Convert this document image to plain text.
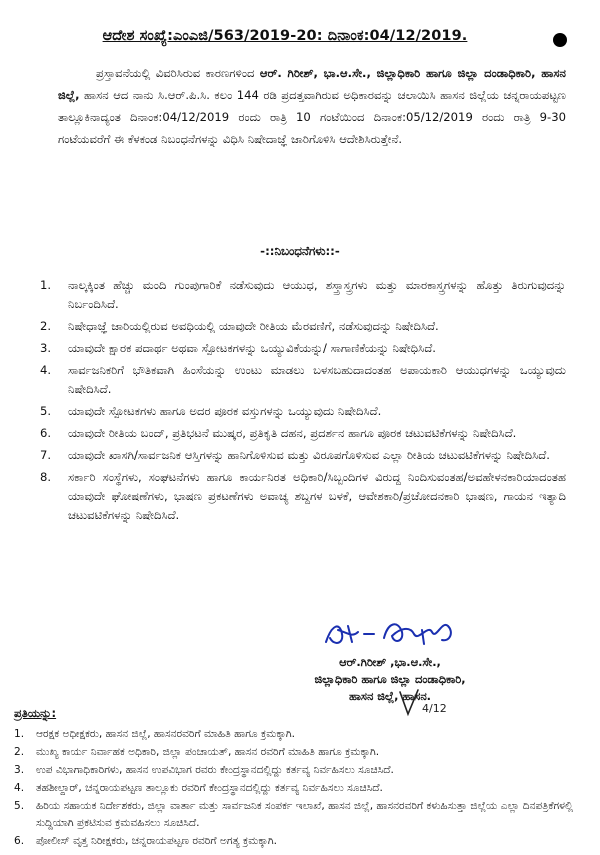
ಆದೇಶ ಸಂಖ್ಯೆ:ಎಂಎಜಿ/563/2019-20: ದಿನಾಂಕ:04/12/2019.

ಪ್ರಸ್ತಾವನೆಯಲ್ಲಿ ವಿವರಿಸಿರುವ ಕಾರಣಗಳಿಂದ ಆರ್. ಗಿರೀಶ್, ಭಾ.ಆ.ಸೇ., ಜಿಲ್ಲಾಧಿಕಾರಿ ಹಾಗೂ ಜಿಲ್ಲಾ ದಂಡಾಧಿಕಾರಿ, ಹಾಸನ ಜಿಲ್ಲೆ, ಹಾಸನ ಆದ ನಾನು ಸಿ.ಆರ್.ಪಿ.ಸಿ. ಕಲಂ 144 ರಡಿ ಪ್ರದತ್ತವಾಗಿರುವ ಅಧಿಕಾರವನ್ನು ಚಲಾಯಿಸಿ ಹಾಸನ ಜಿಲ್ಲೆಯ ಚನ್ನರಾಯಪಟ್ಟಣ ತಾಲ್ಲೂಕಿನಾದ್ಯಂತ ದಿನಾಂಕ:04/12/2019 ರಂದು ರಾತ್ರಿ 10 ಗಂಟೆಯಿಂದ ದಿನಾಂಕ:05/12/2019 ರಂದು ರಾತ್ರಿ 9-30 ಗಂಟೆಯವರೆಗೆ ಈ ಕೆಳಕಂಡ ನಿಬಂಧನೆಗಳನ್ನು ವಿಧಿಸಿ ನಿಷೇದಾಜ್ಞೆ ಜಾರಿಗೊಳಿಸಿ ಆದೇಶಿಸಿರುತ್ತೇನೆ.

-::ನಿಬಂಧನೆಗಳು::-
1. ನಾಲ್ಕಕ್ಕಿಂತ ಹೆಚ್ಚು ಮಂದಿ ಗುಂಪುಗಾರಿಕೆ ನಡೆಸುವುದು ಆಯುಧ, ಶಸ್ತ್ರಾಸ್ತ್ರಗಳು ಮತ್ತು ಮಾರಕಾಸ್ತ್ರಗಳನ್ನು ಹೊತ್ತು ತಿರುಗುವುದನ್ನು ನಿರ್ಬಂದಿಸಿದೆ.
2. ನಿಷೇಧಾಜ್ಞೆ ಜಾರಿಯಲ್ಲಿರುವ ಅವಧಿಯಲ್ಲಿ ಯಾವುದೇ ರೀತಿಯ ಮೆರವಣಿಗೆ, ನಡೆಸುವುದನ್ನು ನಿಷೇದಿಸಿದೆ.
3. ಯಾವುದೇ ಕ್ಷಾರಕ ಪದಾರ್ಥ ಅಥವಾ ಸ್ಪೋಟಕಗಳನ್ನು ಒಯ್ಯುವಿಕೆಯನ್ನು/ ಸಾಗಾಣಿಕೆಯನ್ನು ನಿಷೇಧಿಸಿದೆ.
4. ಸಾರ್ವಜನಿಕರಿಗೆ ಭೌತಿಕವಾಗಿ ಹಿಂಸೆಯನ್ನು ಉಂಟು ಮಾಡಲು ಬಳಸಬಹುದಾದಂತಹ ಅಪಾಯಕಾರಿ ಆಯುಧಗಳನ್ನು ಒಯ್ಯುವುದು ನಿಷೇದಿಸಿದೆ.
5. ಯಾವುದೇ ಸ್ಪೋಟಕಗಳು ಹಾಗೂ ಅದರ ಪೂರಕ ವಸ್ತುಗಳನ್ನು ಒಯ್ಯುವುದು ನಿಷೇದಿಸಿದೆ.
6. ಯಾವುದೇ ರೀತಿಯ ಬಂದ್, ಪ್ರತಿಭಟನೆ ಮುಷ್ಕರ, ಪ್ರತಿಕೃತಿ ದಹನ, ಪ್ರದರ್ಶನ ಹಾಗೂ ಪೂರಕ ಚಟುವಟಿಕೆಗಳನ್ನು ನಿಷೇದಿಸಿದೆ.
7. ಯಾವುದೇ ಖಾಸಗಿ/ಸಾರ್ವಜನಿಕ ಆಸ್ತಿಗಳನ್ನು ಹಾನಿಗೊಳಿಸುವ ಮತ್ತು ವಿರೂಪಗೊಳಿಸುವ ಎಲ್ಲಾ ರೀತಿಯ ಚಟುವಟಿಕೆಗಳನ್ನು ನಿಷೇದಿಸಿದೆ.
8. ಸರ್ಕಾರಿ ಸಂಸ್ಥೆಗಳು, ಸಂಘಟನೆಗಳು ಹಾಗೂ ಕಾರ್ಯನಿರತ ಅಧಿಕಾರಿ/ಸಿಬ್ಬಂದಿಗಳ ವಿರುದ್ದ ನಿಂದಿಸುವಂತಹ/ಅವಹೇಳನಕಾರಿಯಾದಂತಹ ಯಾವುದೇ ಘೋಷಣೆಗಳು, ಭಾಷಣ ಪ್ರಕಟಣೆಗಳು ಅವಾಚ್ಯ ಶಬ್ದಗಳ ಬಳಕೆ, ಆವೇಶಕಾರಿ/ಪ್ರಚೋದನಕಾರಿ ಭಾಷಣ, ಗಾಯನ ಇತ್ಯಾದಿ ಚಟುವಟಿಕೆಗಳನ್ನು ನಿಷೇದಿಸಿದೆ.
ಆರ್.ಗಿರೀಶ್ ,ಭಾ.ಆ.ಸೇ.,
ಜಿಲ್ಲಾಧಿಕಾರಿ ಹಾಗೂ ಜಿಲ್ಲಾ ದಂಡಾಧಿಕಾರಿ,
ಹಾಸನ ಜಿಲ್ಲೆ, ಹಾಸನ.
4/12
ಪ್ರತಿಯನ್ನು:
1. ಆರಕ್ಷಕ ಅಧೀಕ್ಷಕರು, ಹಾಸನ ಜಿಲ್ಲೆ, ಹಾಸನರವರಿಗೆ ಮಾಹಿತಿ ಹಾಗೂ ಕ್ರಮಕ್ಕಾಗಿ.
2. ಮುಖ್ಯ ಕಾರ್ಯ ನಿರ್ವಾಹಕ ಅಧಿಕಾರಿ, ಜಿಲ್ಲಾ ಪಂಚಾಯತ್, ಹಾಸನ ರವರಿಗೆ ಮಾಹಿತಿ ಹಾಗೂ ಕ್ರಮಕ್ಕಾಗಿ.
3. ಉಪ ವಿಭಾಗಾಧಿಕಾರಿಗಳು, ಹಾಸನ ಉಪವಿಭಾಗ ರವರು ಕೇಂದ್ರಸ್ಥಾನದಲ್ಲಿದ್ದು ಕರ್ತವ್ಯ ನಿರ್ವಹಿಸಲು ಸೂಚಿಸಿದೆ.
4. ತಹಶೀಲ್ದಾರ್, ಚನ್ನರಾಯಪಟ್ಟಣ ತಾಲ್ಲೂಕು ರವರಿಗೆ ಕೇಂದ್ರಸ್ಥಾನದಲ್ಲಿದ್ದು ಕರ್ತವ್ಯ ನಿರ್ವಹಿಸಲು ಸೂಚಿಸಿದೆ.
5. ಹಿರಿಯ ಸಹಾಯಕ ನಿರ್ದೇಶಕರು, ಜಿಲ್ಲಾ ವಾರ್ತಾ ಮತ್ತು ಸಾರ್ವಜನಿಕ ಸಂಪರ್ಕ ಇಲಾಖೆ, ಹಾಸನ ಜಿಲ್ಲೆ, ಹಾಸನರವರಿಗೆ ಕಳುಹಿಸುತ್ತಾ ಜಿಲ್ಲೆಯ ಎಲ್ಲಾ ದಿನಪತ್ರಿಕೆಗಳಲ್ಲಿ ಸುದ್ದಿಯಾಗಿ ಪ್ರಕಟಿಸುವ ಕ್ರಮವಹಿಸಲು ಸೂಚಿಸಿದೆ.
6. ಪೋಲೀಸ್ ವೃತ್ತ ನಿರೀಕ್ಷಕರು, ಚನ್ನರಾಯಪಟ್ಟಣ ರವರಿಗೆ ಅಗತ್ಯ ಕ್ರಮಕ್ಕಾಗಿ.
